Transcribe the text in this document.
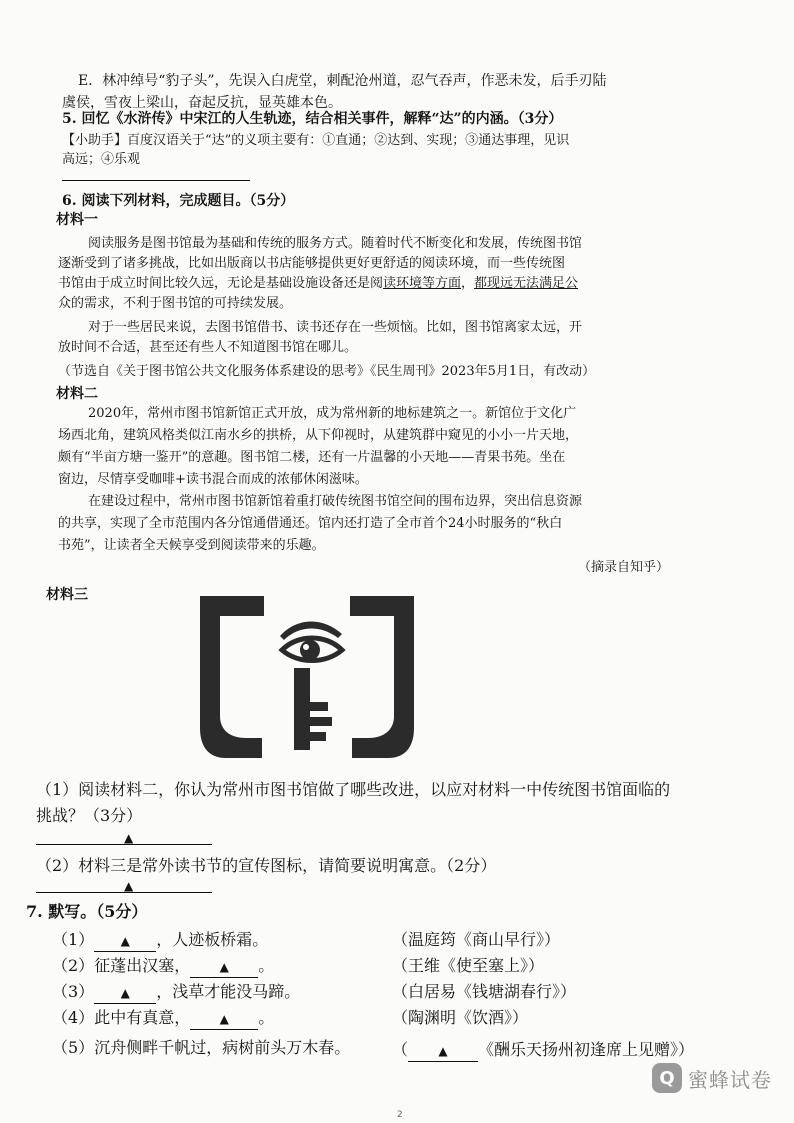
E．林冲绰号“豹子头”，先误入白虎堂，刺配沧州道，忍气吞声，作恶未发，后手刃陆
虞侯，雪夜上梁山，奋起反抗，显英雄本色。
5. 回忆《水浒传》中宋江的人生轨迹，结合相关事件，解释“达”的内涵。（3分）
【小助手】百度汉语关于“达”的义项主要有：①直通；②达到、实现；③通达事理，见识
高远；④乐观
6. 阅读下列材料，完成题目。（5分）
材料一
阅读服务是图书馆最为基础和传统的服务方式。随着时代不断变化和发展，传统图书馆
逐渐受到了诸多挑战，比如出版商以书店能够提供更好更舒适的阅读环境，而一些传统图
书馆由于成立时间比较久远，无论是基础设施设备还是阅读环境等方面，都现远无法满足公
众的需求，不利于图书馆的可持续发展。
对于一些居民来说，去图书馆借书、读书还存在一些烦恼。比如，图书馆离家太远，开
放时间不合适，甚至还有些人不知道图书馆在哪儿。
（节选自《关于图书馆公共文化服务体系建设的思考》《民生周刊》2023年5月1日，有改动）
材料二
2020年，常州市图书馆新馆正式开放，成为常州新的地标建筑之一。新馆位于文化广
场西北角，建筑风格类似江南水乡的拱桥，从下仰视时，从建筑群中窥见的小小一片天地，
颇有“半亩方塘一鉴开”的意趣。图书馆二楼，还有一片温馨的小天地——青果书苑。坐在
窗边，尽情享受咖啡+读书混合而成的浓郁休闲滋味。
在建设过程中，常州市图书馆新馆着重打破传统图书馆空间的围布边界，突出信息资源
的共享，实现了全市范围内各分馆通借通还。馆内还打造了全市首个24小时服务的“秋白
书苑”，让读者全天候享受到阅读带来的乐趣。
（摘录自知乎）
材料三
（1）阅读材料二，你认为常州市图书馆做了哪些改进，以应对材料一中传统图书馆面临的
挑战？（3分）
▲
（2）材料三是常外读书节的宣传图标，请简要说明寓意。（2分）
▲
7. 默写。（5分）
（1） ▲ ，人迹板桥霜。	（温庭筠《商山早行》）
（2）征蓬出汉塞， ▲ 。	（王维《使至塞上》）
（3） ▲ ，浅草才能没马蹄。	（白居易《钱塘湖春行》）
（4）此中有真意， ▲ 。	（陶渊明《饮酒》）
（5）沉舟侧畔千帆过，病树前头万木春。	（	▲ 《酬乐天扬州初逢席上见赠》）
Q 蜜蜂试卷
2
